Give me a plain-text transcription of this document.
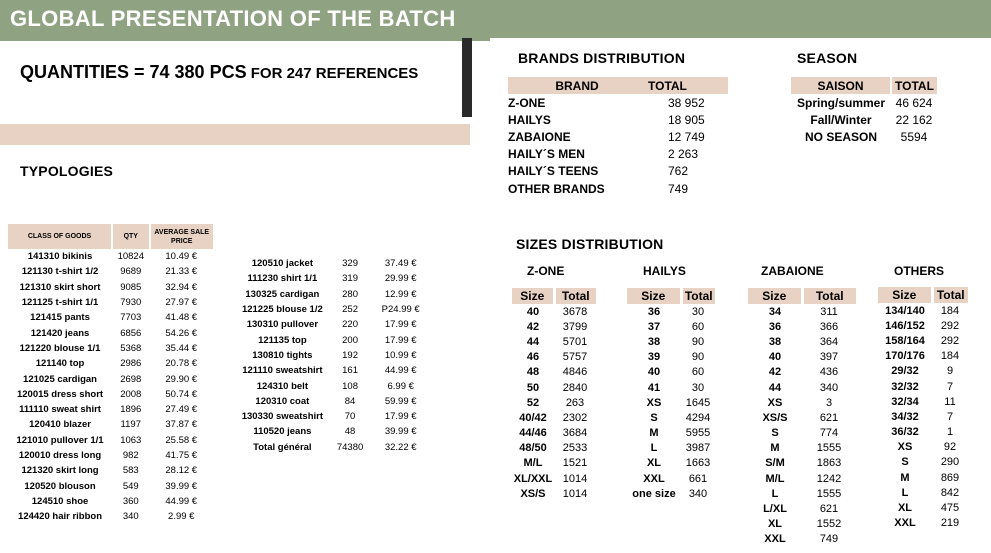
GLOBAL PRESENTATION OF THE BATCH
QUANTITIES = 74 380 PCS FOR 247 REFERENCES
TYPOLOGIES
CLASS OF GOODS	QTY	AVERAGE SALE PRICE
141310 bikinis	10824	10.49 €
121130 t-shirt 1/2	9689	21.33 €
121310 skirt short	9085	32.94 €
121125 t-shirt 1/1	7930	27.97 €
121415 pants	7703	41.48 €
121420 jeans	6856	54.26 €
121220 blouse 1/1	5368	35.44 €
121140 top	2986	20.78 €
121025 cardigan	2698	29.90 €
120015 dress short	2008	50.74 €
111110 sweat shirt	1896	27.49 €
120410 blazer	1197	37.87 €
121010 pullover 1/1	1063	25.58 €
120010 dress long	982	41.75 €
121320 skirt long	583	28.12 €
120520 blouson	549	39.99 €
124510 shoe	360	44.99 €
124420 hair ribbon	340	2.99 €
120510 jacket	329	37.49 €
111230 shirt 1/1	319	29.99 €
130325 cardigan	280	12.99 €
121225 blouse 1/2	252	P24.99 €
130310 pullover	220	17.99 €
121135 top	200	17.99 €
130810 tights	192	10.99 €
121110 sweatshirt	161	44.99 €
124310 belt	108	6.99 €
120310 coat	84	59.99 €
130330 sweatshirt	70	17.99 €
110520 jeans	48	39.99 €
Total général	74380	32.22 €
BRANDS DISTRIBUTION
BRAND	TOTAL
Z-ONE	38 952
HAILYS	18 905
ZABAIONE	12 749
HAILY´S MEN	2 263
HAILY´S TEENS	762
OTHER BRANDS	749
SEASON
SAISON	TOTAL
Spring/summer	46 624
Fall/Winter	22 162
NO SEASON	5594
SIZES DISTRIBUTION
Z-ONE	HAILYS	ZABAIONE	OTHERS
Size	Total
40	3678
42	3799
44	5701
46	5757
48	4846
50	2840
52	263
40/42	2302
44/46	3684
48/50	2533
M/L	1521
XL/XXL	1014
XS/S	1014
Size	Total
36	30
37	60
38	90
39	90
40	60
41	30
XS	1645
S	4294
M	5955
L	3987
XL	1663
XXL	661
one size	340
Size	Total
34	311
36	366
38	364
40	397
42	436
44	340
XS	3
XS/S	621
S	774
M	1555
S/M	1863
M/L	1242
L	1555
L/XL	621
XL	1552
XXL	749
Size	Total
134/140	184
146/152	292
158/164	292
170/176	184
29/32	9
32/32	7
32/34	11
34/32	7
36/32	1
XS	92
S	290
M	869
L	842
XL	475
XXL	219
